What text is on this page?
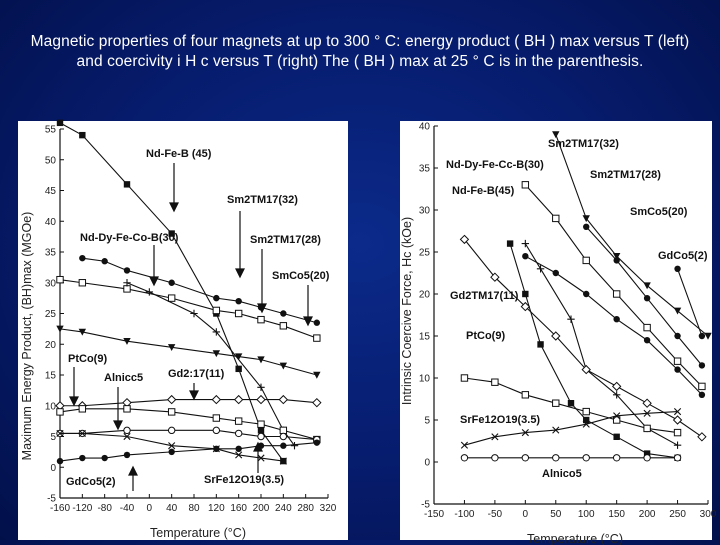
Magnetic properties of four magnets at up to 300 ° C: energy product ( BH ) max versus T (left) and coercivity i H c versus T (right) The ( BH ) max at 25 ° C is in the parenthesis.
-160 -120 -80 -40 0 40 80 120 160 200 240 280 320
-5
0
5
10
15
20
25
30
35
40
45
50
55
Temperature (°C)
Maximum Energy Product, (BH)max (MGOe)
Nd-Fe-B (45)
Sm2TM17(32)
Nd-Dy-Fe-Co-B(30)	Sm2TM17(28)
SmCo5(20)
PtCo(9)
Alnicc5 Gd2:17(11)
GdCo5(2)	SrFe12O19(3.5)
-150 -100 -50 0 50 100 150 200 250 300
-5
0
5
10
15
20
25
30
35
40
Temperature (°C)
Intrinsic Coercive Force, Hc (kOe)
Sm2TM17(32)
Nd-Dy-Fe-Cc-B(30)
Nd-Fe-B(45)
Sm2TM17(28)
SmCo5(20)
GdCo5(2)
Gd2TM17(11)
PtCo(9)
SrFe12O19(3.5)
Alnico5
